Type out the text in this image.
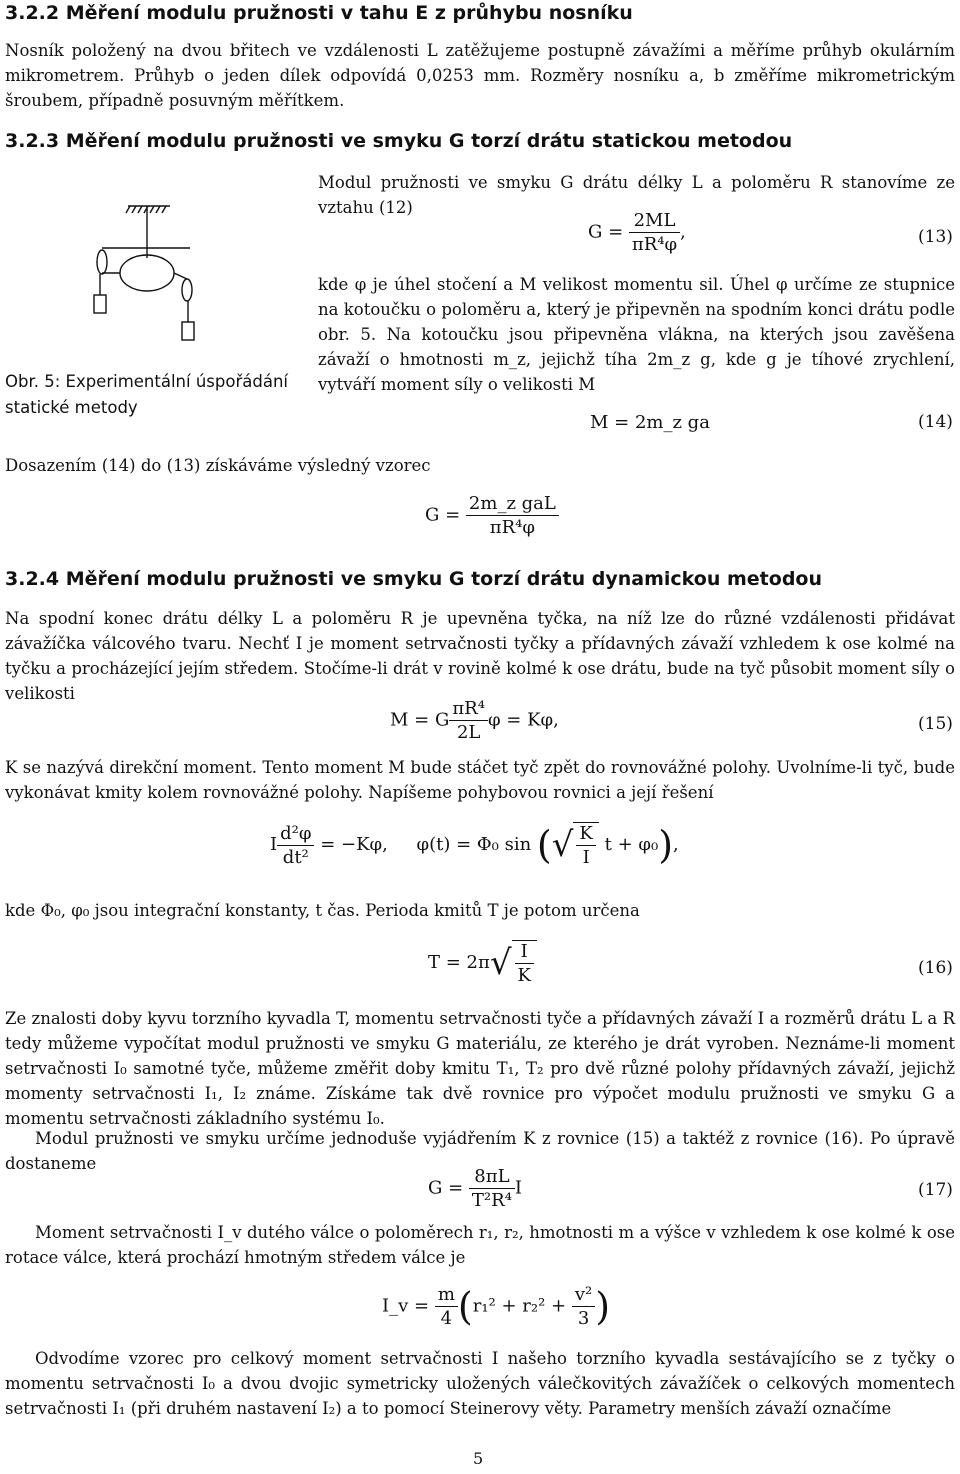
3.2.2 Měření modulu pružnosti v tahu E z průhybu nosníku
Nosník položený na dvou břitech ve vzdálenosti L zatěžujeme postupně závažími a měříme průhyb okulárním mikrometrem. Průhyb o jeden dílek odpovídá 0,0253 mm. Rozměry nosníku a, b změříme mikrometrickým šroubem, případně posuvným měřítkem.
3.2.3 Měření modulu pružnosti ve smyku G torzí drátu statickou metodou
Obr. 5: Experimentální úspořádání
statické metody
Modul pružnosti ve smyku G drátu délky L a poloměru R stanovíme ze vztahu (12)
$G = \frac{2ML}{\text{πR⁴φ}}$ ,	(13)
kde φ je úhel stočení a M velikost momentu sil. Úhel φ určíme ze stupnice na kotoučku o poloměru a, který je připevněn na spodním konci drátu podle obr. 5. Na kotoučku jsou připevněna vlákna, na kterých jsou zavěšena závaží o hmotnosti m_z, jejichž tíha 2m_z g, kde g je tíhové zrychlení, vytváří moment síly o velikosti M
M = 2m_z ga	(14)
Dosazením (14) do (13) získáváme výsledný vzorec
$G = \frac{\text{2m\_z gaL}}{\text{πR⁴φ}}$
3.2.4 Měření modulu pružnosti ve smyku G torzí drátu dynamickou metodou
Na spodní konec drátu délky L a poloměru R je upevněna tyčka, na níž lze do různé vzdálenosti přidávat závažíčka válcového tvaru. Nechť I je moment setrvačnosti tyčky a přídavných závaží vzhledem k ose kolmé na tyčku a procházející jejím středem. Stočíme-li drát v rovině kolmé k ose drátu, bude na tyč působit moment síly o velikosti
M = G $\frac{\text{πR⁴}}{2L}$ φ = Kφ,	(15)
K se nazývá direkční moment. Tento moment M bude stáčet tyč zpět do rovnovážné polohy. Uvolníme-li tyč, bude vykonávat kmity kolem rovnovážné polohy. Napíšeme pohybovou rovnici a její řešení
I $\frac{\text{d²φ}}{\text{dt²}} = -K\varphi$, φ(t) = Φ₀ sin (√ $\frac{K}{I}$ t + φ₀),
kde Φ₀, φ₀ jsou integrační konstanty, t čas. Perioda kmitů T je potom určena
$T = 2\pi√ \frac{I}{K}$	(16)
Ze znalosti doby kyvu torzního kyvadla T, momentu setrvačnosti tyče a přídavných závaží I a rozměrů drátu L a R tedy můžeme vypočítat modul pružnosti ve smyku G materiálu, ze kterého je drát vyroben. Neznáme-li moment setrvačnosti I₀ samotné tyče, můžeme změřit doby kmitu T₁, T₂ pro dvě různé polohy přídavných závaží, jejichž momenty setrvačnosti I₁, I₂ známe. Získáme tak dvě rovnice pro výpočet modulu pružnosti ve smyku G a momentu setrvačnosti základního systému I₀.
Modul pružnosti ve smyku určíme jednoduše vyjádřením K z rovnice (15) a taktéž z rovnice (16). Po úpravě dostaneme
$G = \frac{8\pi L}{\text{T²R⁴}}$ I	(17)
Moment setrvačnosti I_v dutého válce o poloměrech r₁, r₂, hmotnosti m a výšce v vzhledem k ose kolmé k ose rotace válce, která prochází hmotným středem válce je
I_v = $\frac{m}{4} (r_1^2 + r_2^2 + \frac{\text{v²}}{3}$ )
Odvodíme vzorec pro celkový moment setrvačnosti I našeho torzního kyvadla sestávajícího se z tyčky o momentu setrvačnosti I₀ a dvou dvojic symetricky uložených válečkovitých závažíček o celkových momentech setrvačnosti I₁ (při druhém nastavení I₂) a to pomocí Steinerovy věty. Parametry menších závaží označíme
5
